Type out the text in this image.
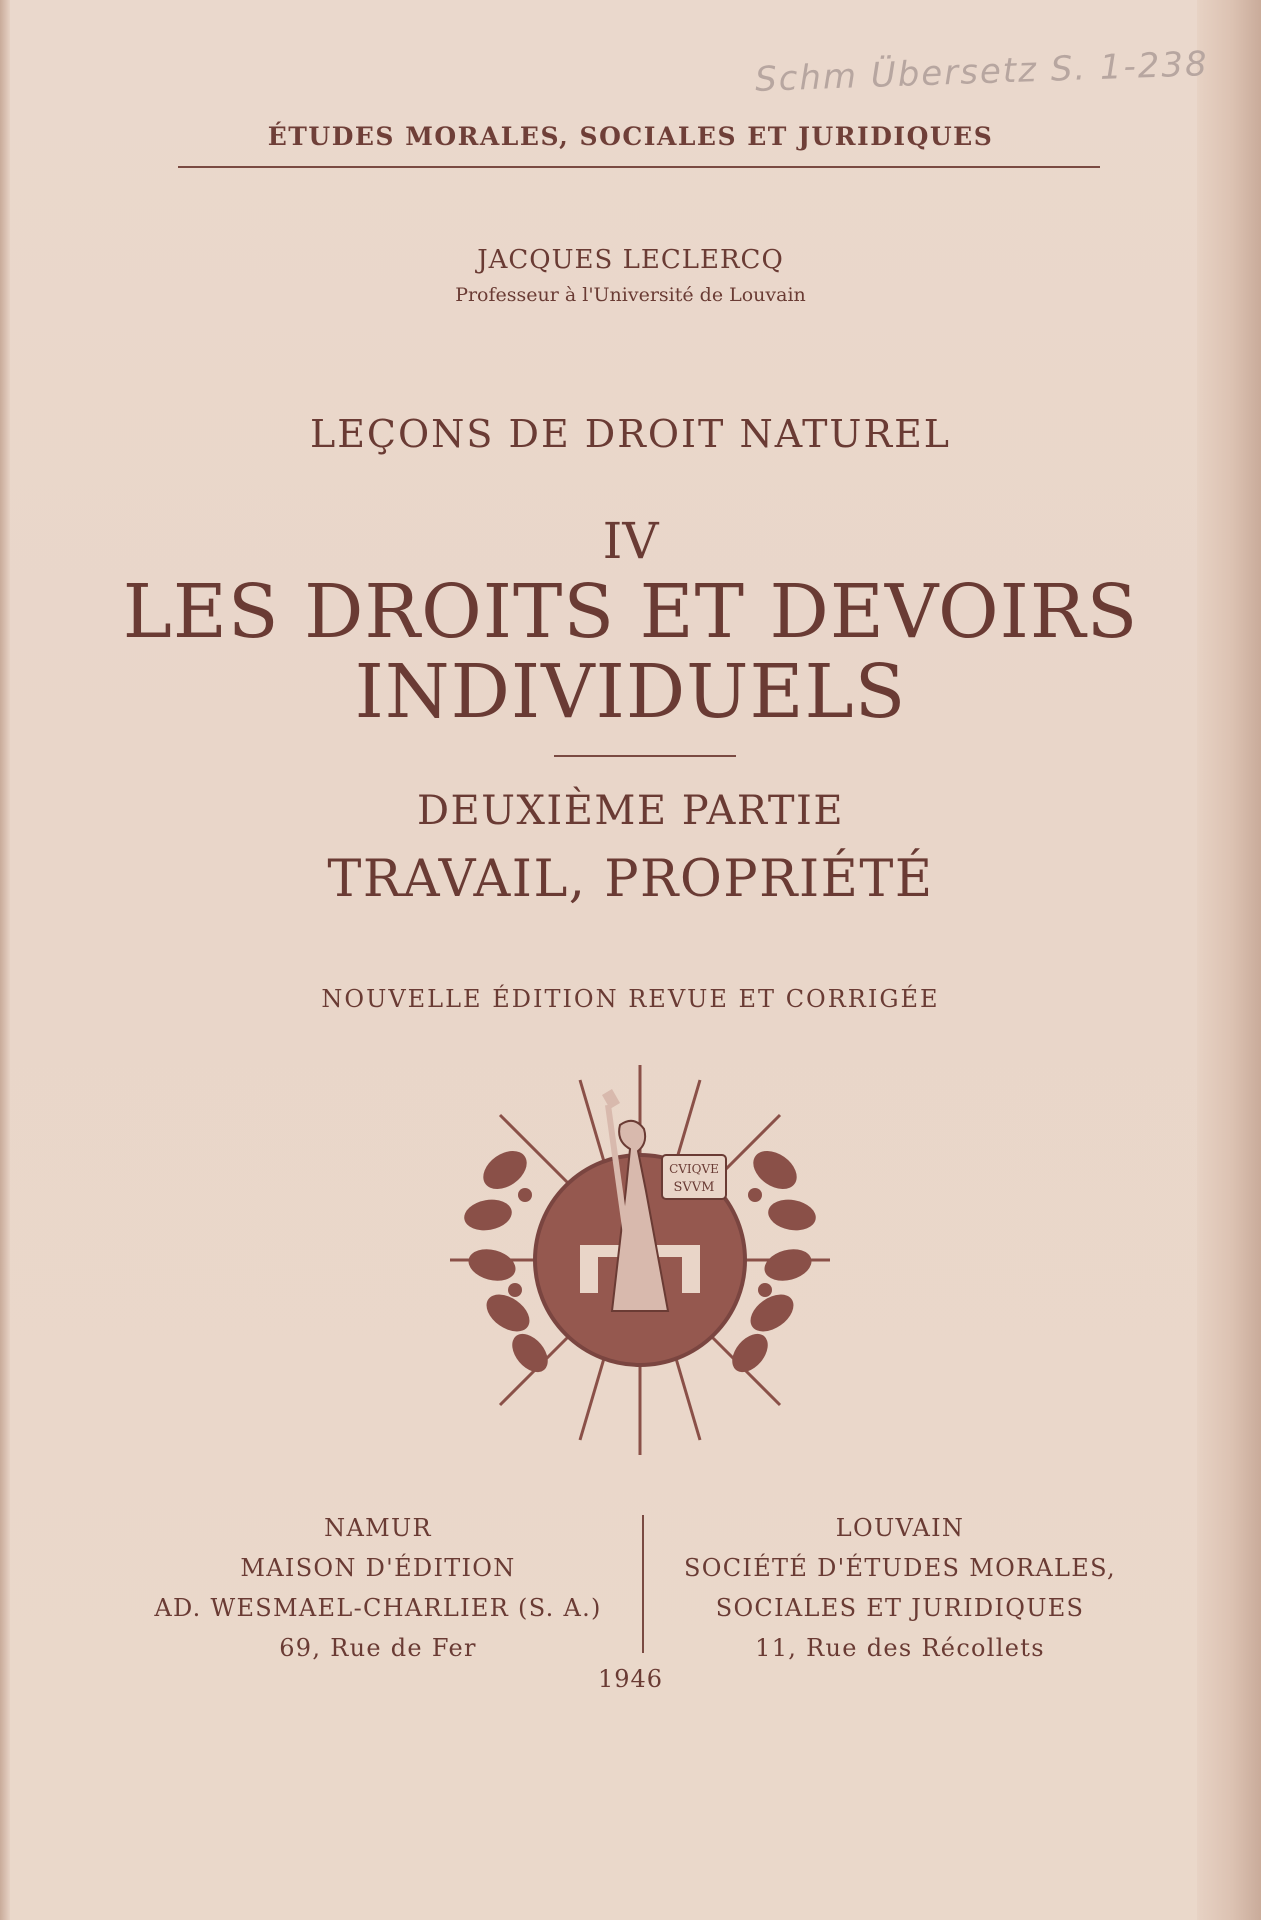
Schm Übersetz S. 1-238
ÉTUDES MORALES, SOCIALES ET JURIDIQUES
JACQUES LECLERCQ
Professeur à l'Université de Louvain
LEÇONS DE DROIT NATUREL
IV
LES DROITS ET DEVOIRS
INDIVIDUELS
DEUXIÈME PARTIE
TRAVAIL, PROPRIÉTÉ
NOUVELLE ÉDITION REVUE ET CORRIGÉE
CVIQVE
SVVM
NAMUR
MAISON D'ÉDITION
AD. WESMAEL-CHARLIER (S. A.)
69, Rue de Fer
LOUVAIN
SOCIÉTÉ D'ÉTUDES MORALES,
SOCIALES ET JURIDIQUES
11, Rue des Récollets
1946
